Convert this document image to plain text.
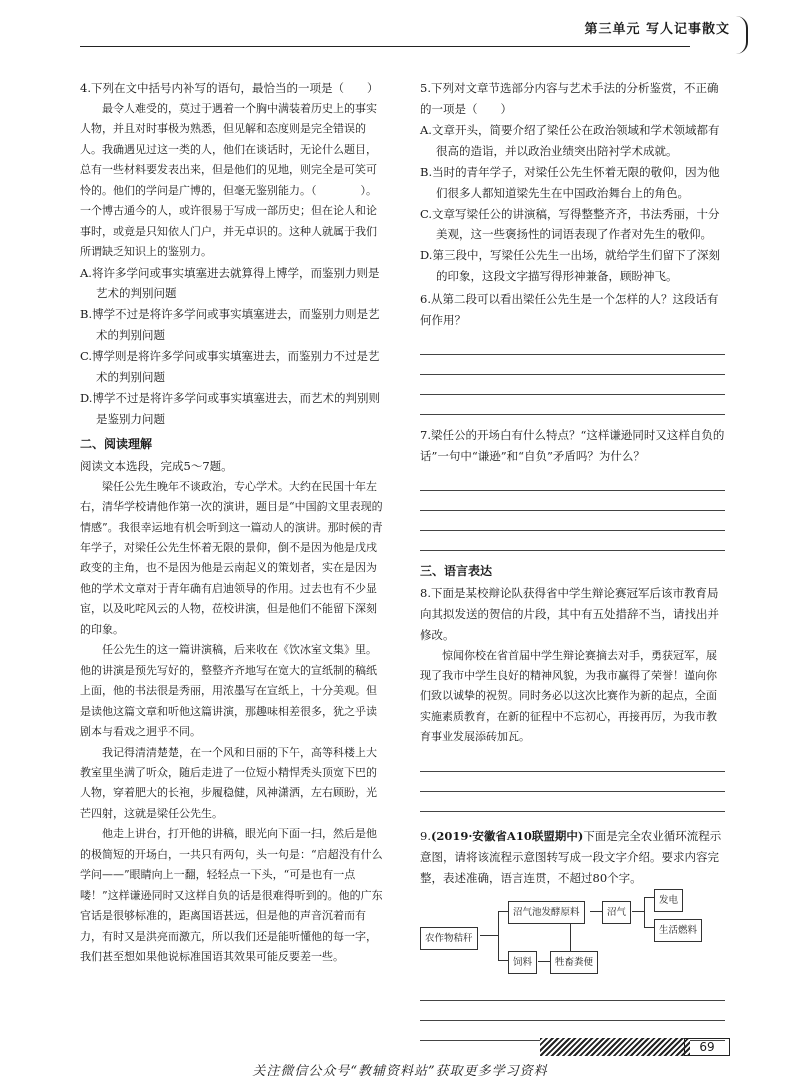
第三单元 写人记事散文
4.下列在文中括号内补写的语句，最恰当的一项是（　　）
最令人难受的，莫过于遇着一个胸中满装着历史上的事实人物，并且对时事极为熟悉，但见解和态度则是完全错误的人。我确遇见过这一类的人，他们在谈话时，无论什么题目，总有一些材料要发表出来，但是他们的见地，则完全是可笑可怜的。他们的学问是广博的，但毫无鉴别能力。（　　　　）。一个博古通今的人，或许很易于写成一部历史；但在论人和论事时，或竟是只知依人门户，并无卓识的。这种人就属于我们所谓缺乏知识上的鉴别力。
A.将许多学问或事实填塞进去就算得上博学，而鉴别力则是艺术的判别问题
B.博学不过是将许多学问或事实填塞进去，而鉴别力则是艺术的判别问题
C.博学则是将许多学问或事实填塞进去，而鉴别力不过是艺术的判别问题
D.博学不过是将许多学问或事实填塞进去，而艺术的判别则是鉴别力问题
二、阅读理解
阅读文本选段，完成5～7题。
梁任公先生晚年不谈政治，专心学术。大约在民国十年左右，清华学校请他作第一次的演讲，题目是“中国韵文里表现的情感”。我很幸运地有机会听到这一篇动人的演讲。那时候的青年学子，对梁任公先生怀着无限的景仰，倒不是因为他是戊戌政变的主角，也不是因为他是云南起义的策划者，实在是因为他的学术文章对于青年确有启迪领导的作用。过去也有不少显宦，以及叱咤风云的人物，莅校讲演，但是他们不能留下深刻的印象。
任公先生的这一篇讲演稿，后来收在《饮冰室文集》里。他的讲演是预先写好的，整整齐齐地写在宽大的宣纸制的稿纸上面，他的书法很是秀丽，用浓墨写在宣纸上，十分美观。但是读他这篇文章和听他这篇讲演，那趣味相差很多，犹之乎读剧本与看戏之迥乎不同。
我记得清清楚楚，在一个风和日丽的下午，高等科楼上大教室里坐满了听众，随后走进了一位短小精悍秃头顶宽下巴的人物，穿着肥大的长袍，步履稳健，风神潇洒，左右顾盼，光芒四射，这就是梁任公先生。
他走上讲台，打开他的讲稿，眼光向下面一扫，然后是他的极简短的开场白，一共只有两句，头一句是：“启超没有什么学问——”眼睛向上一翻，轻轻点一下头，“可是也有一点喽！”这样谦逊同时又这样自负的话是很难得听到的。他的广东官话是很够标准的，距离国语甚远，但是他的声音沉着而有力，有时又是洪亮而激亢，所以我们还是能听懂他的每一字，我们甚至想如果他说标准国语其效果可能反要差一些。
5.下列对文章节选部分内容与艺术手法的分析鉴赏，不正确的一项是（　　）
A.文章开头，简要介绍了梁任公在政治领域和学术领域都有很高的造诣，并以政治业绩突出陪衬学术成就。
B.当时的青年学子，对梁任公先生怀着无限的敬仰，因为他们很多人都知道梁先生在中国政治舞台上的角色。
C.文章写梁任公的讲演稿，写得整整齐齐，书法秀丽，十分美观，这一些褒扬性的词语表现了作者对先生的敬仰。
D.第三段中，写梁任公先生一出场，就给学生们留下了深刻的印象，这段文字描写得形神兼备，顾盼神飞。
6.从第二段可以看出梁任公先生是一个怎样的人？这段话有何作用？
7.梁任公的开场白有什么特点？“这样谦逊同时又这样自负的话”一句中“谦逊”和“自负”矛盾吗？为什么？
三、语言表达
8.下面是某校辩论队获得省中学生辩论赛冠军后该市教育局向其拟发送的贺信的片段，其中有五处措辞不当，请找出并修改。
惊闻你校在省首届中学生辩论赛摘去对手，勇获冠军，展现了我市中学生良好的精神风貌，为我市赢得了荣誉！谨向你们致以诚挚的祝贺。同时务必以这次比赛作为新的起点，全面实施素质教育，在新的征程中不忘初心，再接再厉，为我市教育事业发展添砖加瓦。
9.(2019·安徽省A10联盟期中)下面是完全农业循环流程示意图，请将该流程示意图转写成一段文字介绍。要求内容完整，表述准确，语言连贯，不超过80个字。
农作物秸秆
沼气池发酵原料	沼气
发电
生活燃料
饲料	牲畜粪便
69
关注微信公众号“教辅资料站”获取更多学习资料
